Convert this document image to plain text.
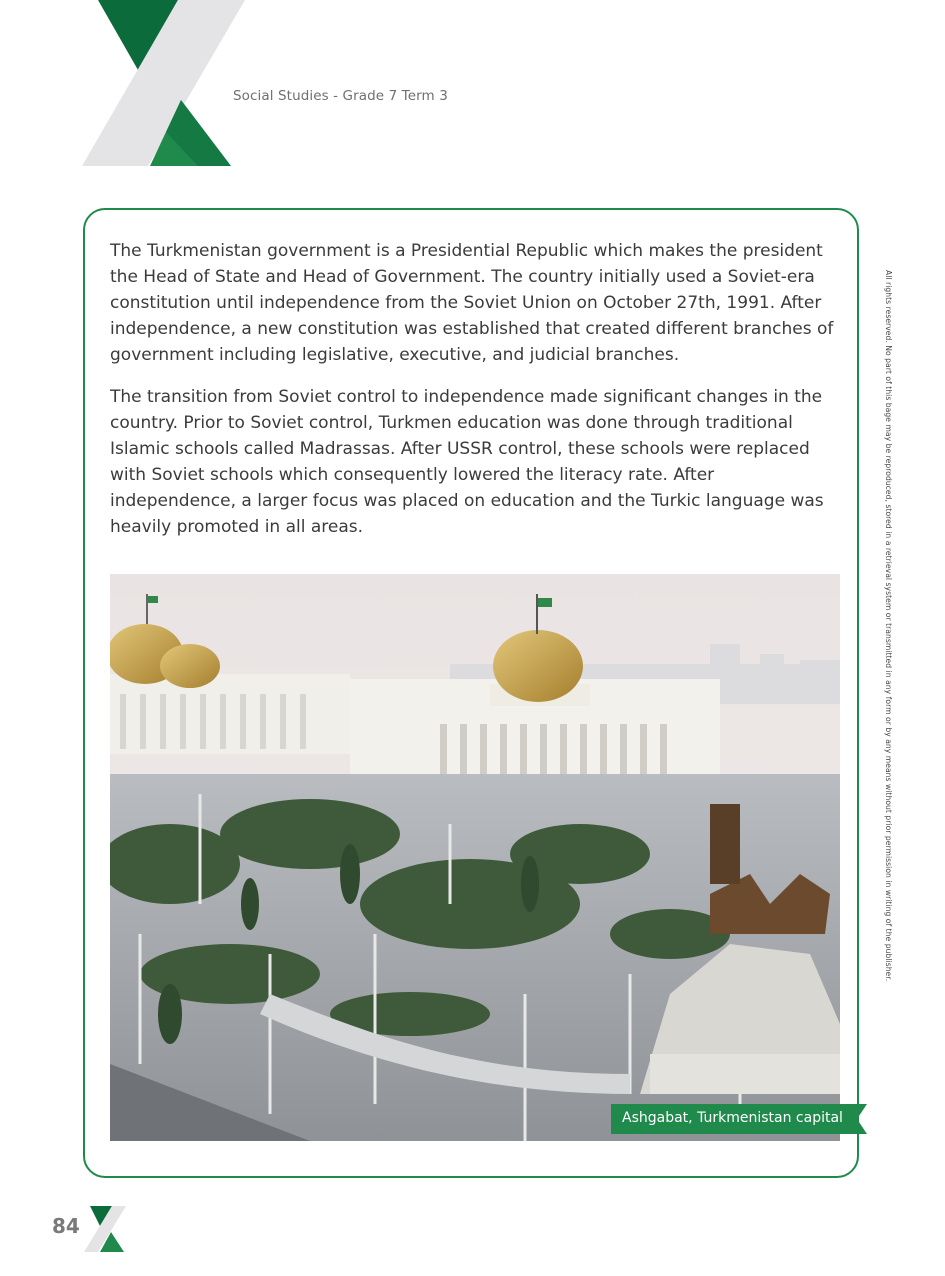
Social Studies - Grade 7 Term 3
All rights reserved. No part of this bage may be reproduced, stored in a retrieval system or transmitted in any form or by any means without prior permission in writing of the publisher.

The Turkmenistan government is a Presidential Republic which makes the president the Head of State and Head of Government. The country initially used a Soviet-era constitution until independence from the Soviet Union on October 27th, 1991. After independence, a new constitution was established that created different branches of government including legislative, executive, and judicial branches.

The transition from Soviet control to independence made significant changes in the country. Prior to Soviet control, Turkmen education was done through traditional Islamic schools called Madrassas. After USSR control, these schools were replaced with Soviet schools which consequently lowered the literacy rate. After independence, a larger focus was placed on education and the Turkic language was heavily promoted in all areas.

Ashgabat, Turkmenistan capital
84
